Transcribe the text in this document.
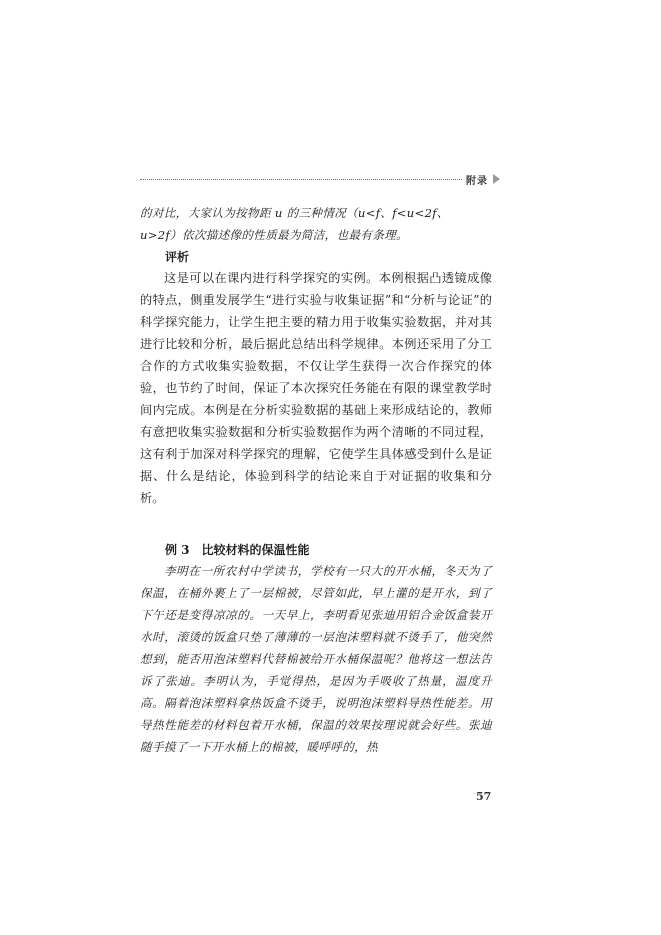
附录

的对比，大家认为按物距 u 的三种情况（u<f、f<u<2f、

u>2f）依次描述像的性质最为简洁，也最有条理。

评析

这是可以在课内进行科学探究的实例。本例根据凸透镜成像的特点，侧重发展学生“进行实验与收集证据”和“分析与论证”的科学探究能力，让学生把主要的精力用于收集实验数据，并对其进行比较和分析，最后据此总结出科学规律。本例还采用了分工合作的方式收集实验数据，不仅让学生获得一次合作探究的体验，也节约了时间，保证了本次探究任务能在有限的课堂教学时间内完成。本例是在分析实验数据的基础上来形成结论的，教师有意把收集实验数据和分析实验数据作为两个清晰的不同过程，这有利于加深对科学探究的理解，它使学生具体感受到什么是证据、什么是结论，体验到科学的结论来自于对证据的收集和分析。

例 3　比较材料的保温性能

李明在一所农村中学读书，学校有一只大的开水桶，冬天为了保温，在桶外裹上了一层棉被，尽管如此，早上灌的是开水，到了下午还是变得凉凉的。一天早上，李明看见张迪用铝合金饭盒装开水时，滚烫的饭盒只垫了薄薄的一层泡沫塑料就不烫手了，他突然想到，能否用泡沫塑料代替棉被给开水桶保温呢？他将这一想法告诉了张迪。李明认为，手觉得热，是因为手吸收了热量，温度升高。隔着泡沫塑料拿热饭盒不烫手，说明泡沫塑料导热性能差。用导热性能差的材料包着开水桶，保温的效果按理说就会好些。张迪随手摸了一下开水桶上的棉被，暖呼呼的，热

57
